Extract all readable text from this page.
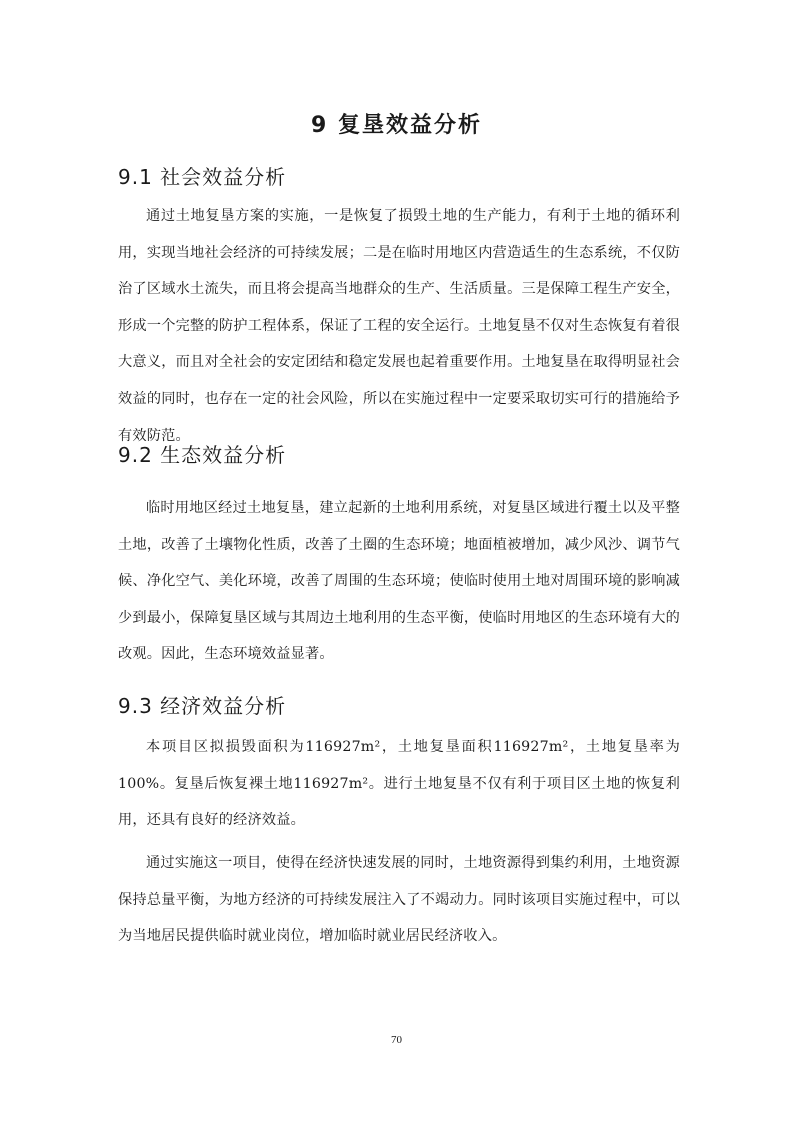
9 复垦效益分析
9.1 社会效益分析

通过土地复垦方案的实施，一是恢复了损毁土地的生产能力，有利于土地的循环利用，实现当地社会经济的可持续发展；二是在临时用地区内营造适生的生态系统，不仅防治了区域水土流失，而且将会提高当地群众的生产、生活质量。三是保障工程生产安全，形成一个完整的防护工程体系，保证了工程的安全运行。土地复垦不仅对生态恢复有着很大意义，而且对全社会的安定团结和稳定发展也起着重要作用。土地复垦在取得明显社会效益的同时，也存在一定的社会风险，所以在实施过程中一定要采取切实可行的措施给予有效防范。

9.2 生态效益分析

临时用地区经过土地复垦，建立起新的土地利用系统，对复垦区域进行覆土以及平整土地，改善了土壤物化性质，改善了土圈的生态环境；地面植被增加，减少风沙、调节气候、净化空气、美化环境，改善了周围的生态环境；使临时使用土地对周围环境的影响减少到最小，保障复垦区域与其周边土地利用的生态平衡，使临时用地区的生态环境有大的改观。因此，生态环境效益显著。

9.3 经济效益分析

本项目区拟损毁面积为116927m²，土地复垦面积116927m²，土地复垦率为100%。复垦后恢复裸土地116927m²。进行土地复垦不仅有利于项目区土地的恢复利用，还具有良好的经济效益。

通过实施这一项目，使得在经济快速发展的同时，土地资源得到集约利用，土地资源保持总量平衡，为地方经济的可持续发展注入了不竭动力。同时该项目实施过程中，可以为当地居民提供临时就业岗位，增加临时就业居民经济收入。

70
